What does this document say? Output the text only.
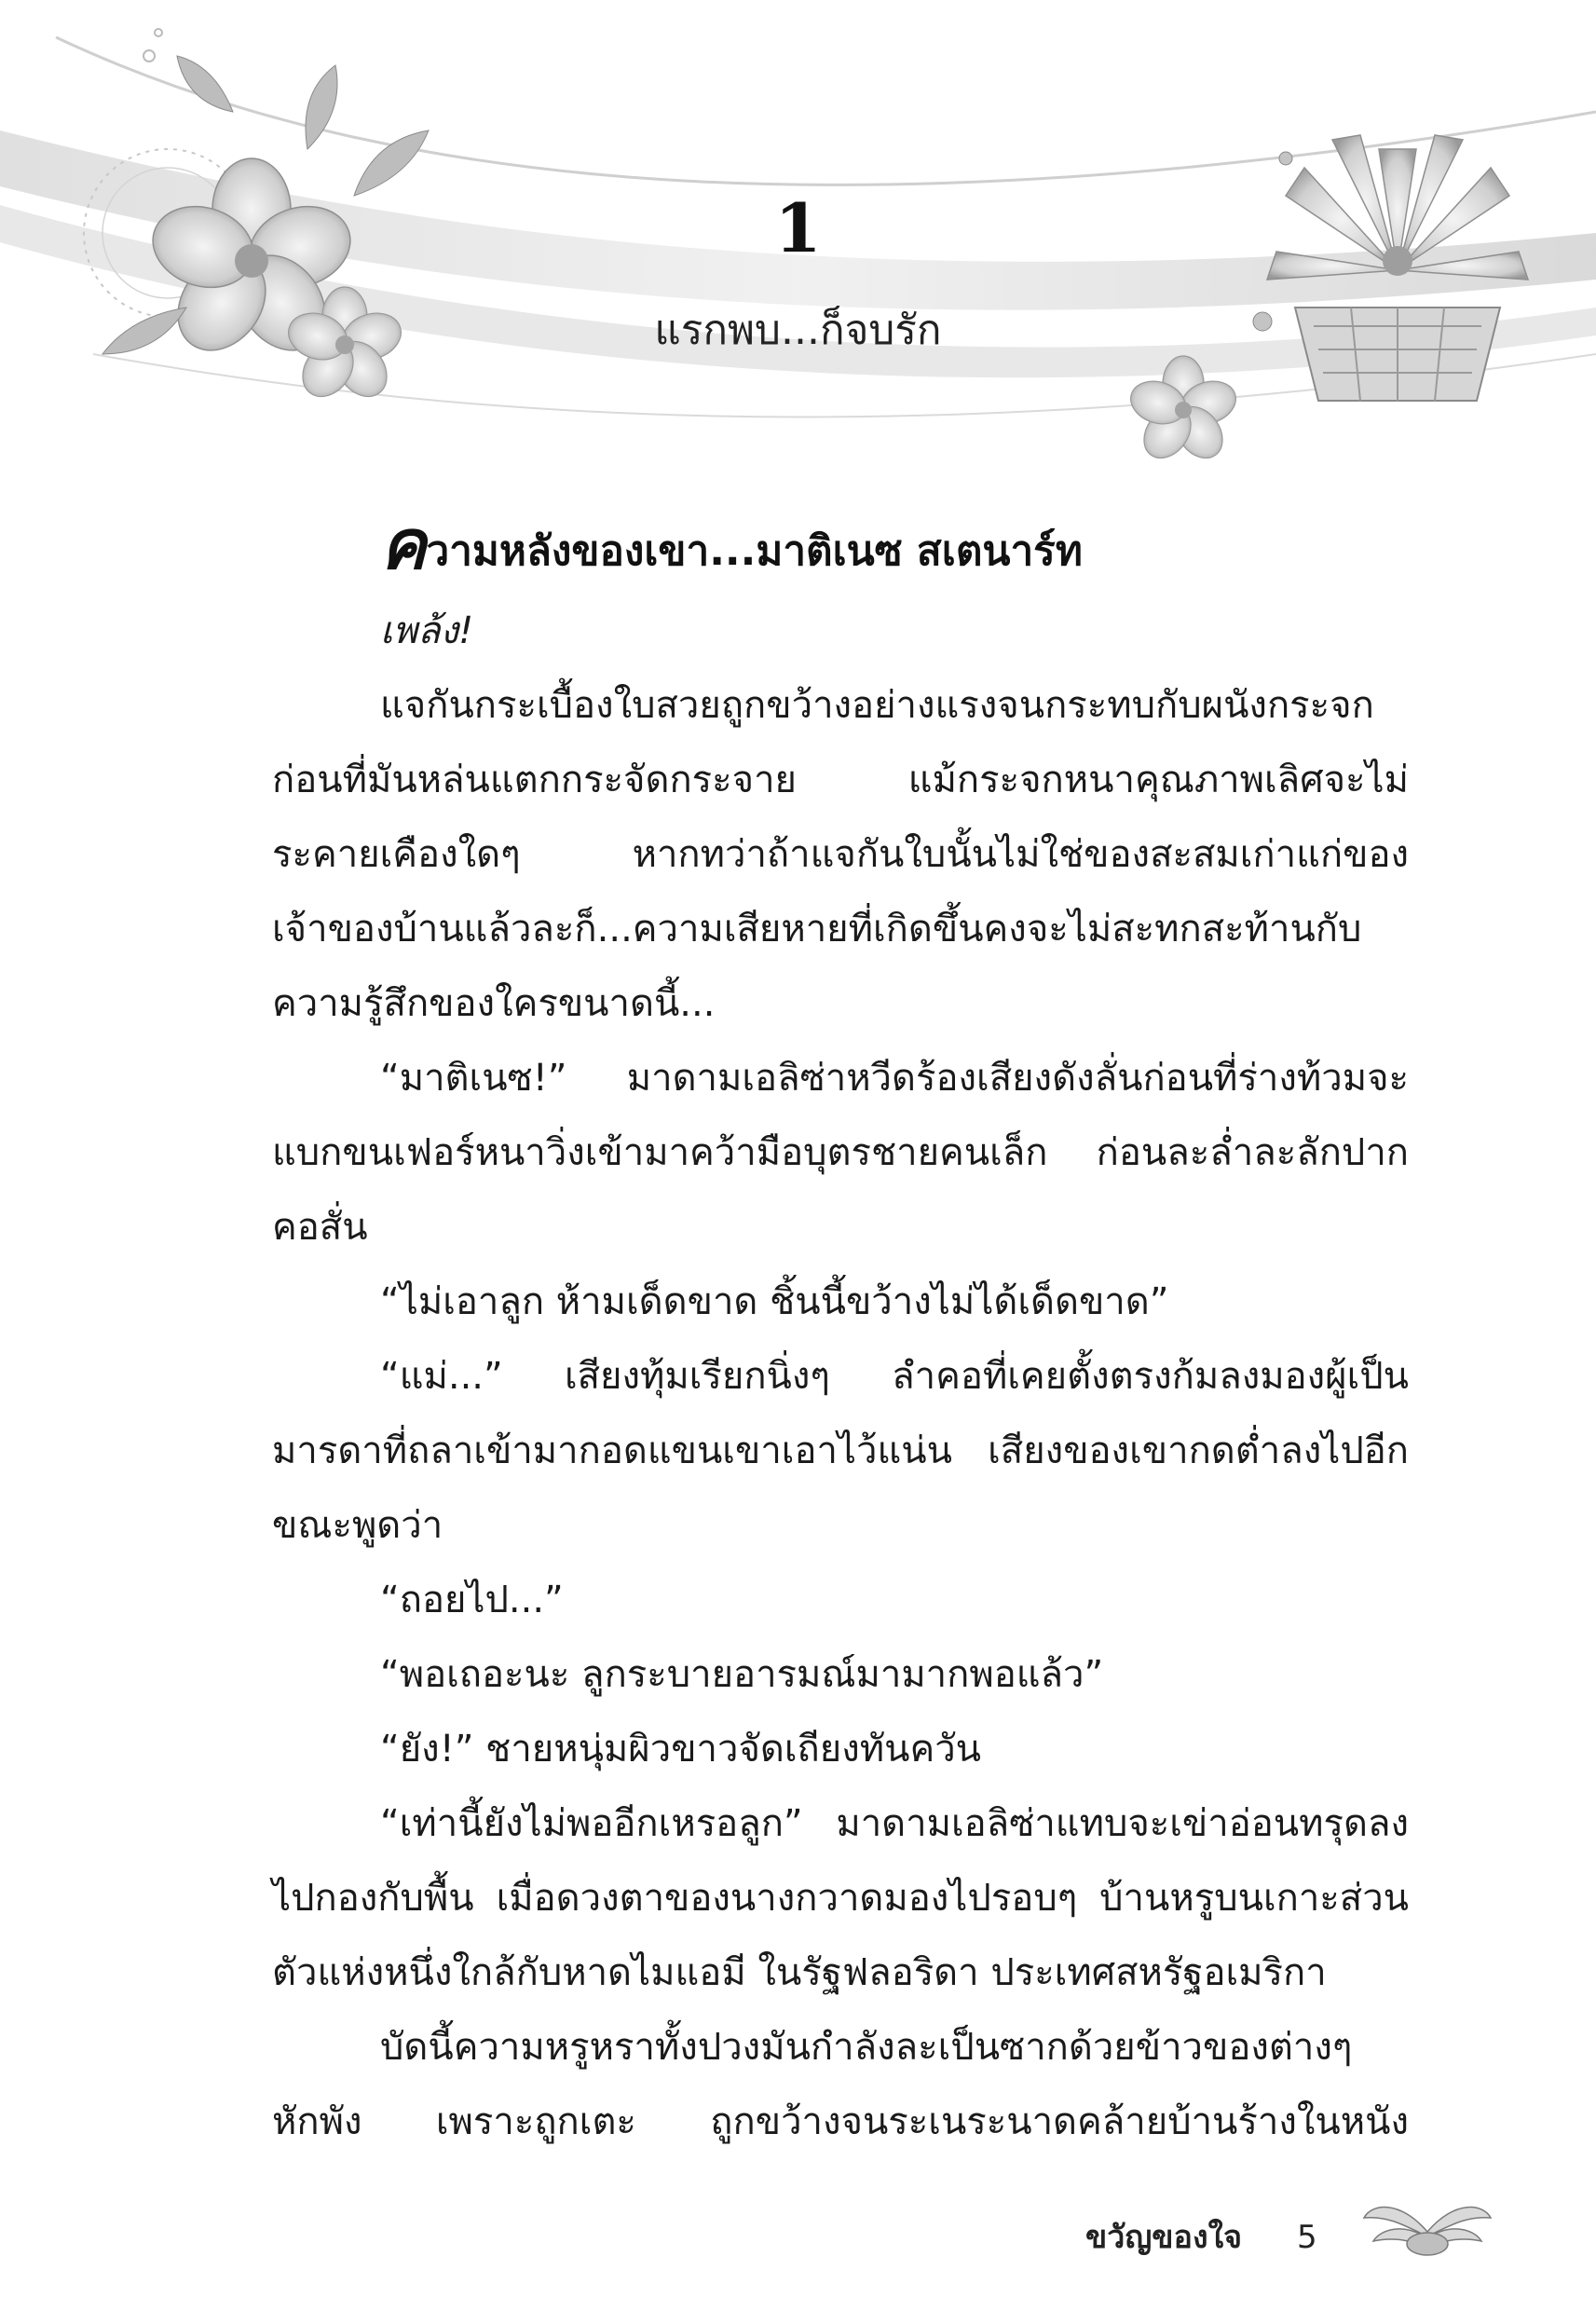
1
แรกพบ...ก็จบรัก
ความหลังของเขา...มาติเนซ สเตนาร์ท

เพล้ง!

แจกันกระเบื้องใบสวยถูกขว้างอย่างแรงจนกระทบกับผนังกระจก ก่อนที่มันหล่นแตกกระจัดกระจาย แม้กระจกหนาคุณภาพเลิศจะไม่ระคายเคืองใดๆ หากทว่าถ้าแจกันใบนั้นไม่ใช่ของสะสมเก่าแก่ของเจ้าของบ้านแล้วละก็...ความเสียหายที่เกิดขึ้นคงจะไม่สะทกสะท้านกับความรู้สึกของใครขนาดนี้...

“มาติเนซ!” มาดามเอลิซ่าหวีดร้องเสียงดังลั่นก่อนที่ร่างท้วมจะแบกขนเฟอร์หนาวิ่งเข้ามาคว้ามือบุตรชายคนเล็ก ก่อนละล่ำละลักปากคอสั่น

“ไม่เอาลูก ห้ามเด็ดขาด ชิ้นนี้ขว้างไม่ได้เด็ดขาด”

“แม่...” เสียงทุ้มเรียกนิ่งๆ ลำคอที่เคยตั้งตรงก้มลงมองผู้เป็นมารดาที่ถลาเข้ามากอดแขนเขาเอาไว้แน่น เสียงของเขากดต่ำลงไปอีกขณะพูดว่า

“ถอยไป...”

“พอเถอะนะ ลูกระบายอารมณ์มามากพอแล้ว”

“ยัง!” ชายหนุ่มผิวขาวจัดเถียงทันควัน

“เท่านี้ยังไม่พออีกเหรอลูก” มาดามเอลิซ่าแทบจะเข่าอ่อนทรุดลงไปกองกับพื้น เมื่อดวงตาของนางกวาดมองไปรอบๆ บ้านหรูบนเกาะส่วนตัวแห่งหนึ่งใกล้กับหาดไมแอมี ในรัฐฟลอริดา ประเทศสหรัฐอเมริกา

บัดนี้ความหรูหราทั้งปวงมันกำลังละเป็นซากด้วยข้าวของต่างๆ หักพัง เพราะถูกเตะ ถูกขว้างจนระเนระนาดคล้ายบ้านร้างในหนัง

ขวัญของใจ 5
